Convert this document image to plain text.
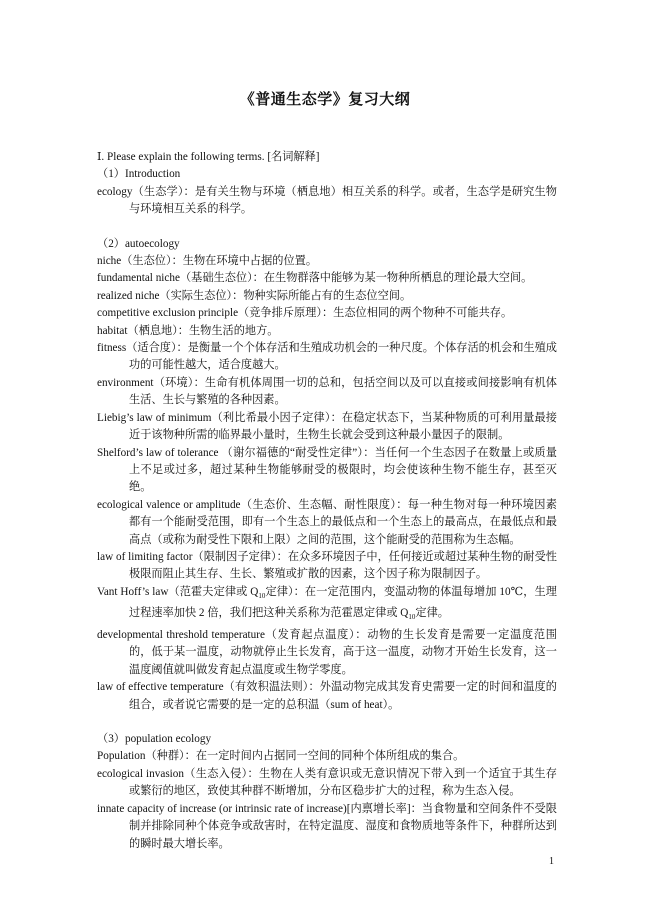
《普通生态学》复习大纲
Ⅰ. Please explain the following terms. [名词解释]
（1）Introduction
ecology（生态学）：是有关生物与环境（栖息地）相互关系的科学。或者，生态学是研究生物与环境相互关系的科学。
（2）autoecology
niche（生态位）：生物在环境中占据的位置。
fundamental niche（基础生态位）：在生物群落中能够为某一物种所栖息的理论最大空间。
realized niche（实际生态位）：物种实际所能占有的生态位空间。
competitive exclusion principle（竞争排斥原理）：生态位相同的两个物种不可能共存。
habitat（栖息地）：生物生活的地方。
fitness（适合度）：是衡量一个个体存活和生殖成功机会的一种尺度。个体存活的机会和生殖成功的可能性越大，适合度越大。
environment（环境）：生命有机体周围一切的总和，包括空间以及可以直接或间接影响有机体生活、生长与繁殖的各种因素。
Liebig’s law of minimum（利比希最小因子定律）：在稳定状态下，当某种物质的可利用量最接近于该物种所需的临界最小量时，生物生长就会受到这种最小量因子的限制。
Shelford’s law of tolerance （谢尔福德的“耐受性定律”）：当任何一个生态因子在数量上或质量上不足或过多，超过某种生物能够耐受的极限时，均会使该种生物不能生存，甚至灭绝。
ecological valence or amplitude（生态价、生态幅、耐性限度）：每一种生物对每一种环境因素都有一个能耐受范围，即有一个生态上的最低点和一个生态上的最高点，在最低点和最高点（或称为耐受性下限和上限）之间的范围，这个能耐受的范围称为生态幅。
law of limiting factor（限制因子定律）：在众多环境因子中，任何接近或超过某种生物的耐受性极限而阻止其生存、生长、繁殖或扩散的因素，这个因子称为限制因子。
Vant Hoff’s law（范霍夫定律或 $Q_{10}$定律）：在一定范围内，变温动物的体温每增加 10℃，生理过程速率加快 2 倍，我们把这种关系称为范霍恩定律或 $Q_{10}$定律。
developmental threshold temperature（发育起点温度）：动物的生长发育是需要一定温度范围的，低于某一温度，动物就停止生长发育，高于这一温度，动物才开始生长发育，这一温度阈值就叫做发育起点温度或生物学零度。
law of effective temperature（有效积温法则）：外温动物完成其发育史需要一定的时间和温度的组合，或者说它需要的是一定的总积温（sum of heat）。
（3）population ecology
Population（种群）：在一定时间内占据同一空间的同种个体所组成的集合。
ecological invasion（生态入侵）：生物在人类有意识或无意识情况下带入到一个适宜于其生存或繁衍的地区，致使其种群不断增加，分布区稳步扩大的过程，称为生态入侵。
innate capacity of increase (or intrinsic rate of increase)[内禀增长率]：当食物量和空间条件不受限制并排除同种个体竞争或敌害时，在特定温度、湿度和食物质地等条件下，种群所达到的瞬时最大增长率。
1
